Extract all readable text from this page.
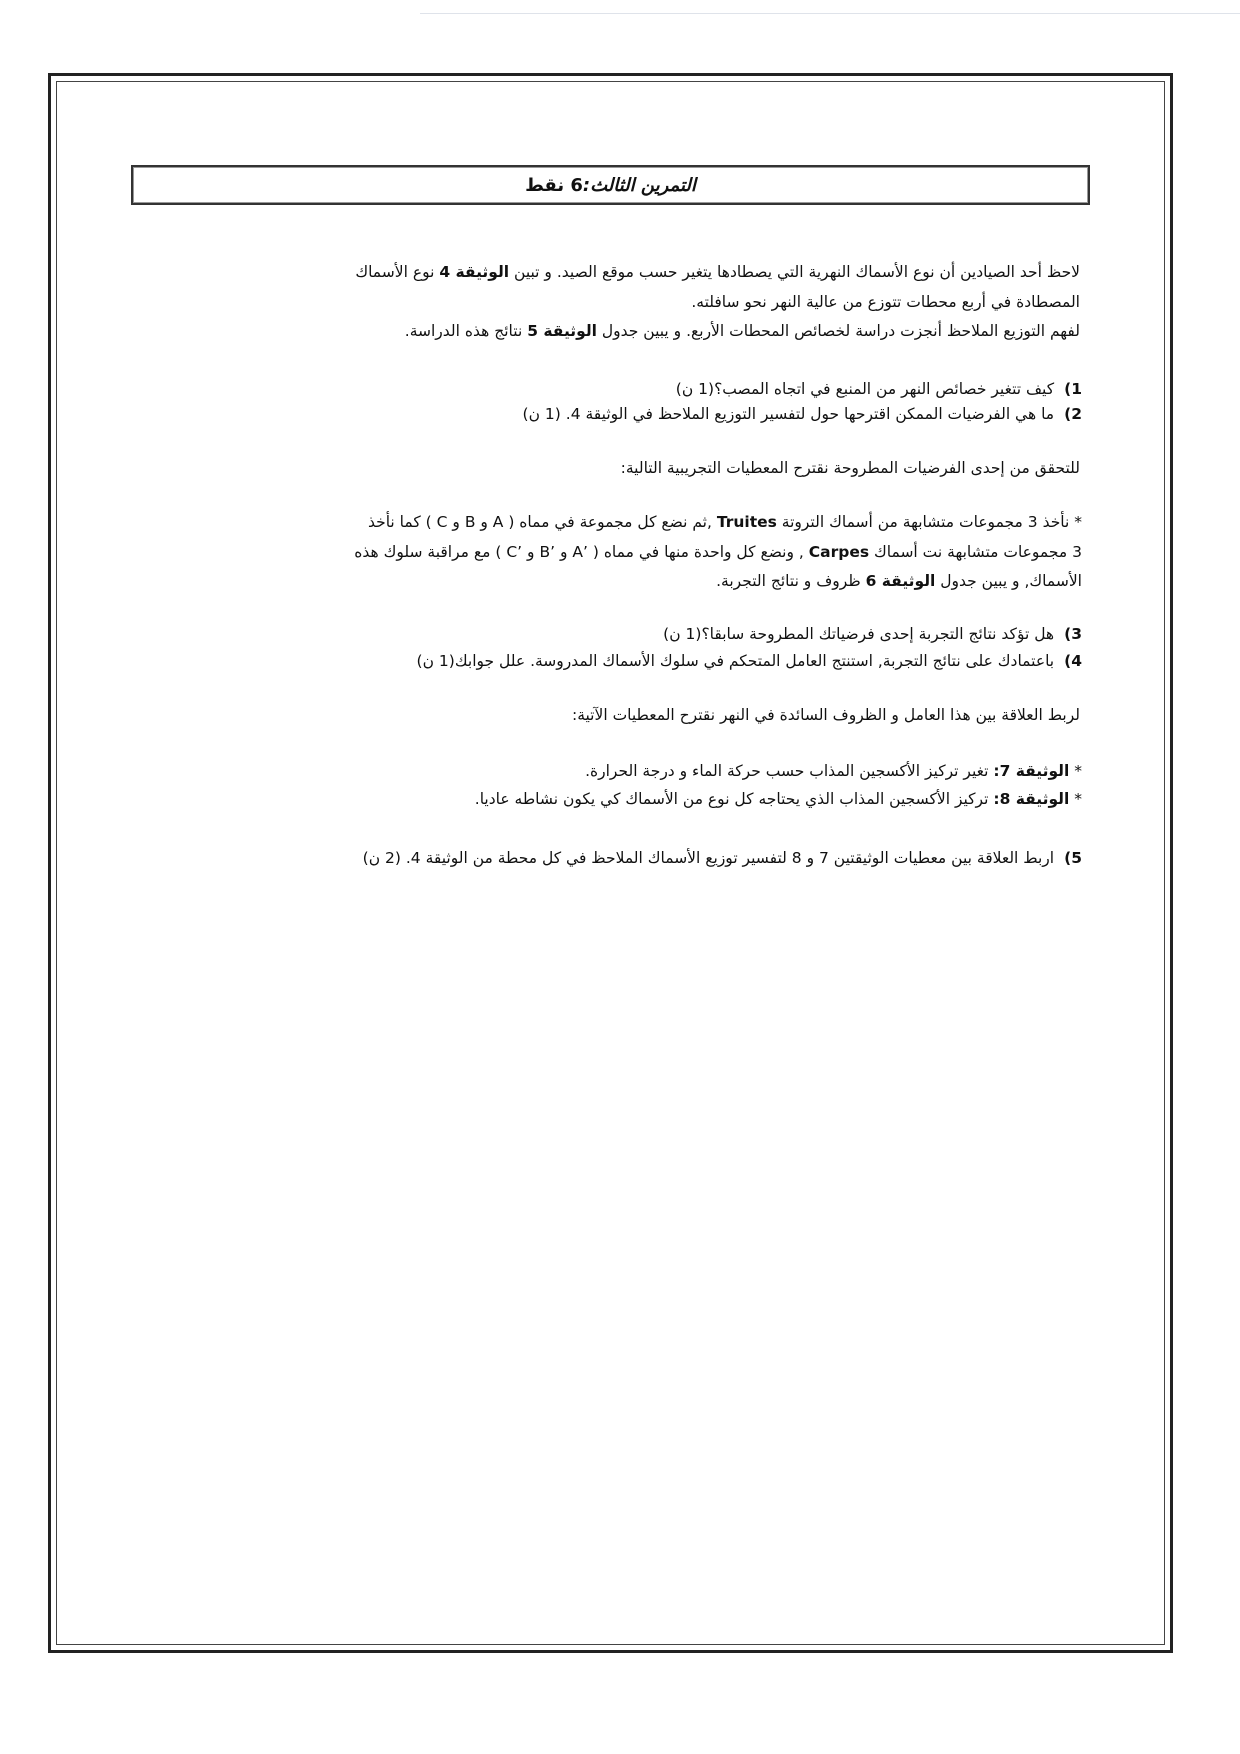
التمرين الثالث:
6 نقط
لاحظ أحد الصيادين أن نوع الأسماك النهرية التي يصطادها يتغير حسب موقع الصيد. و تبين الوثيقة 4 نوع الأسماك
المصطادة في أربع محطات تتوزع من عالية النهر نحو سافلته.
لفهم التوزيع الملاحظ أنجزت دراسة لخصائص المحطات الأربع. و يبين جدول الوثيقة 5 نتائج هذه الدراسة.
1)كيف تتغير خصائص النهر من المنبع في اتجاه المصب؟(1 ن)
2)ما هي الفرضيات الممكن اقترحها حول لتفسير التوزيع الملاحظ في الوثيقة 4. (1 ن)
للتحقق من إحدى الفرضيات المطروحة نقترح المعطيات التجريبية التالية:
* نأخذ 3 مجموعات متشابهة من أسماك التروتة Truites ,ثم نضع كل مجموعة في مماه ( A و B و C ) كما نأخذ
3 مجموعات متشابهة نت أسماك Carpes , ونضع كل واحدة منها في مماه ( ’A و ’B و ’C ) مع مراقبة سلوك هذه
الأسماك, و يبين جدول الوثيقة 6 ظروف و نتائج التجربة.
3)هل تؤكد نتائج التجربة إحدى فرضياتك المطروحة سابقا؟(1 ن)
4)باعتمادك على نتائج التجربة, استنتج العامل المتحكم في سلوك الأسماك المدروسة. علل جوابك(1 ن)
لربط العلاقة بين هذا العامل و الظروف السائدة في النهر نقترح المعطيات الآتية:
* الوثيقة 7: تغير تركيز الأكسجين المذاب حسب حركة الماء و درجة الحرارة.
* الوثيقة 8: تركيز الأكسجين المذاب الذي يحتاجه كل نوع من الأسماك كي يكون نشاطه عاديا.
5)اربط العلاقة بين معطيات الوثيقتين 7 و 8 لتفسير توزيع الأسماك الملاحظ في كل محطة من الوثيقة 4. (2 ن)
